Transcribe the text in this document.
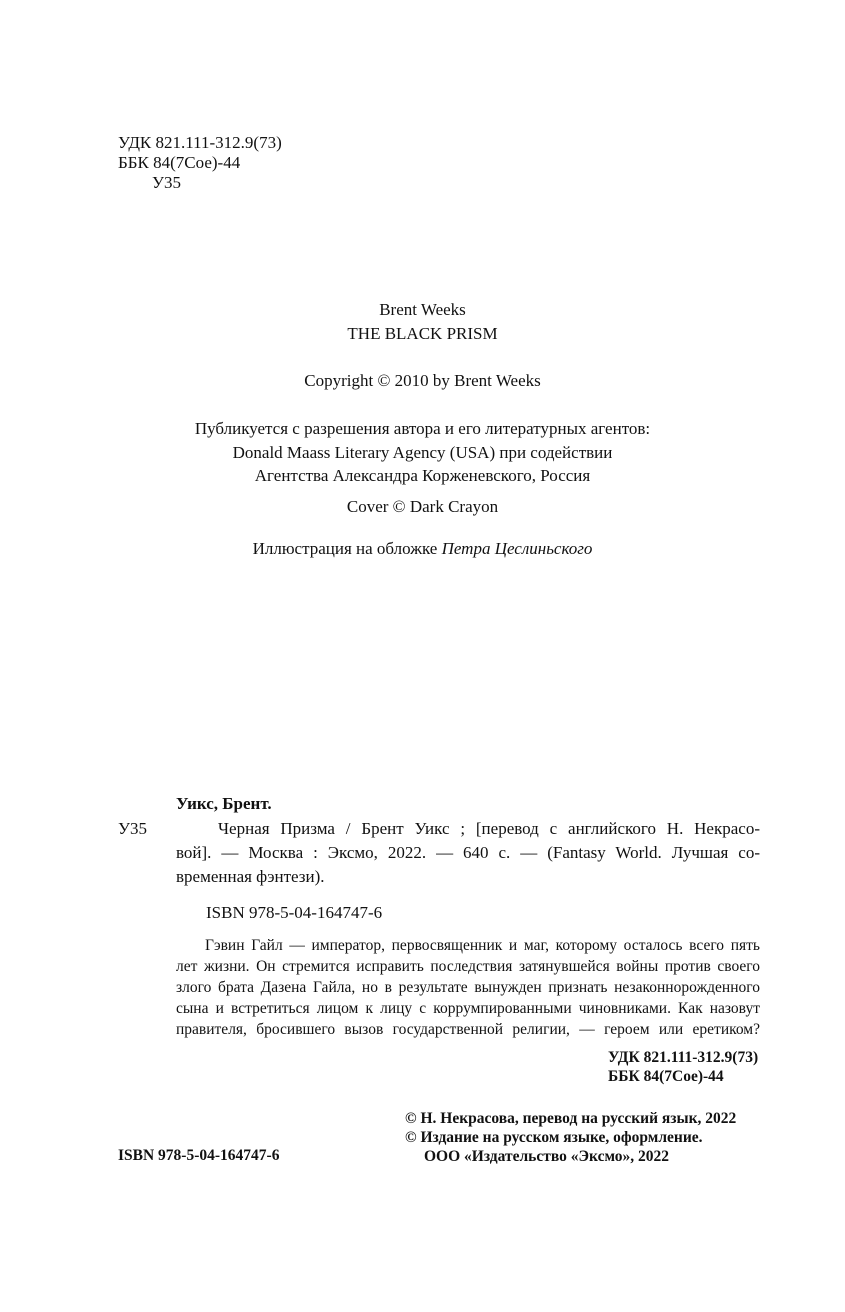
УДК 821.111-312.9(73)
ББК 84(7Сое)-44
У35
Brent Weeks
THE BLACK PRISM
Copyright © 2010 by Brent Weeks
Публикуется с разрешения автора и его литературных агентов:
Donald Maass Literary Agency (USA) при содействии
Агентства Александра Корженевского, Россия
Cover © Dark Crayon
Иллюстрация на обложке Петра Цеслиньского
Уикс, Брент.
У35	Черная Призма / Брент Уикс ; [перевод с английского Н. Некрасо-
вой]. — Москва : Эксмо, 2022. — 640 с. — (Fantasy World. Лучшая со-
временная фэнтези).
ISBN 978-5-04-164747-6
Гэвин Гайл — император, первосвященник и маг, которому осталось всего пять
лет жизни. Он стремится исправить последствия затянувшейся войны против своего
злого брата Дазена Гайла, но в результате вынужден признать незаконнорожденного
сына и встретиться лицом к лицу с коррумпированными чиновниками. Как назовут
правителя, бросившего вызов государственной религии, — героем или еретиком?
УДК 821.111-312.9(73)
ББК 84(7Сое)-44
ISBN 978-5-04-164747-6
© Н. Некрасова, перевод на русский язык, 2022
© Издание на русском языке, оформление.
ООО «Издательство «Эксмо», 2022
